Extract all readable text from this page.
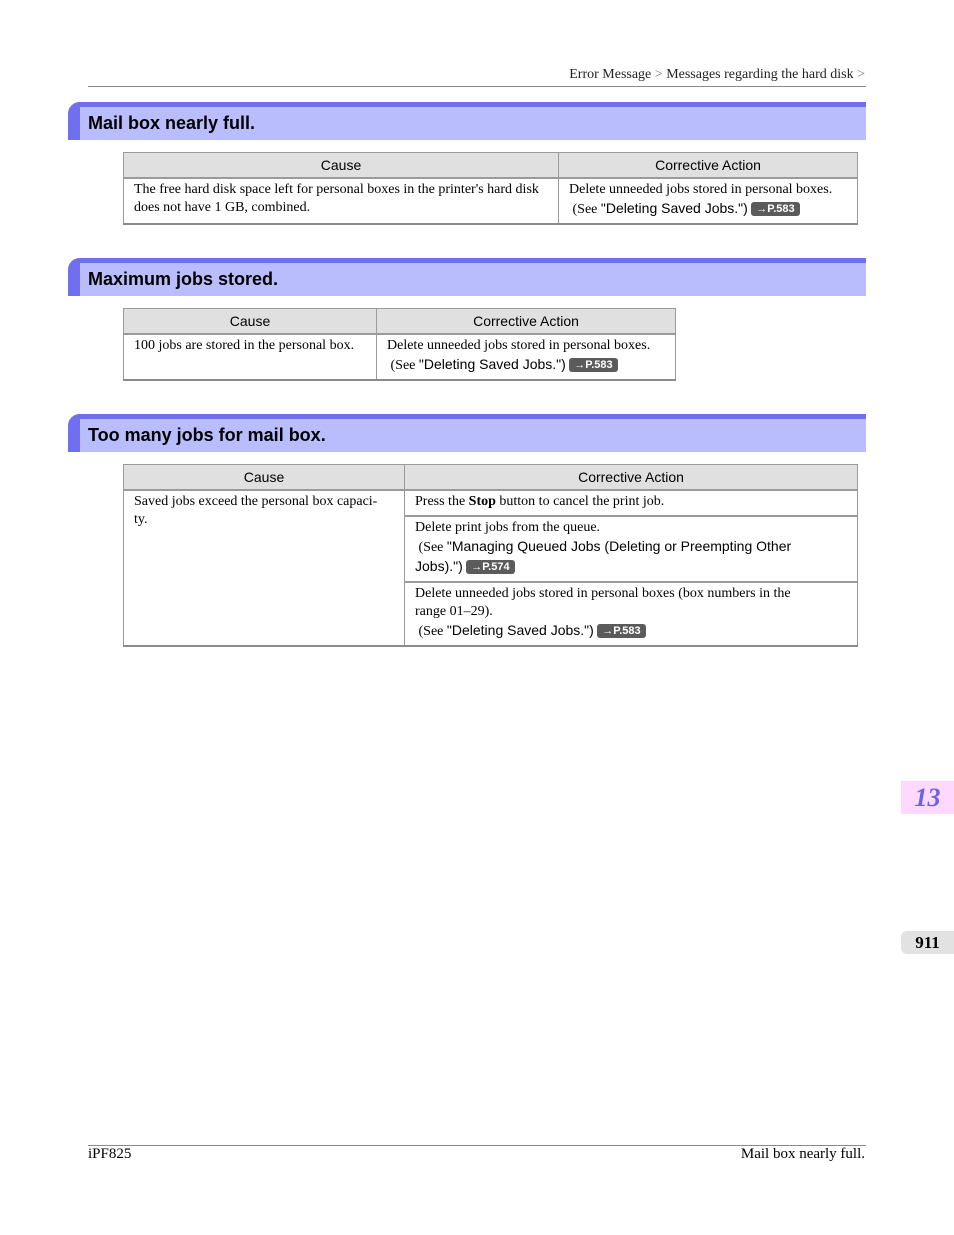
Error Message > Messages regarding the hard disk >
Mail box nearly full.
Cause	Corrective Action
The free hard disk space left for personal boxes in the printer's hard disk does not have 1 GB, combined.	Delete unneeded jobs stored in personal boxes.
(See "Deleting Saved Jobs.") →P.583
Maximum jobs stored.
Cause	Corrective Action
100 jobs are stored in the personal box.	Delete unneeded jobs stored in personal boxes.
(See "Deleting Saved Jobs.") →P.583
Too many jobs for mail box.
Cause	Corrective Action
Saved jobs exceed the personal box capaci-
ty.	Press the Stop button to cancel the print job.
	Delete print jobs from the queue.
(See "Managing Queued Jobs (Deleting or Preempting Other
Jobs).") →P.574
	Delete unneeded jobs stored in personal boxes (box numbers in the
range 01–29).
(See "Deleting Saved Jobs.") →P.583
13
911
iPF825	Mail box nearly full.
